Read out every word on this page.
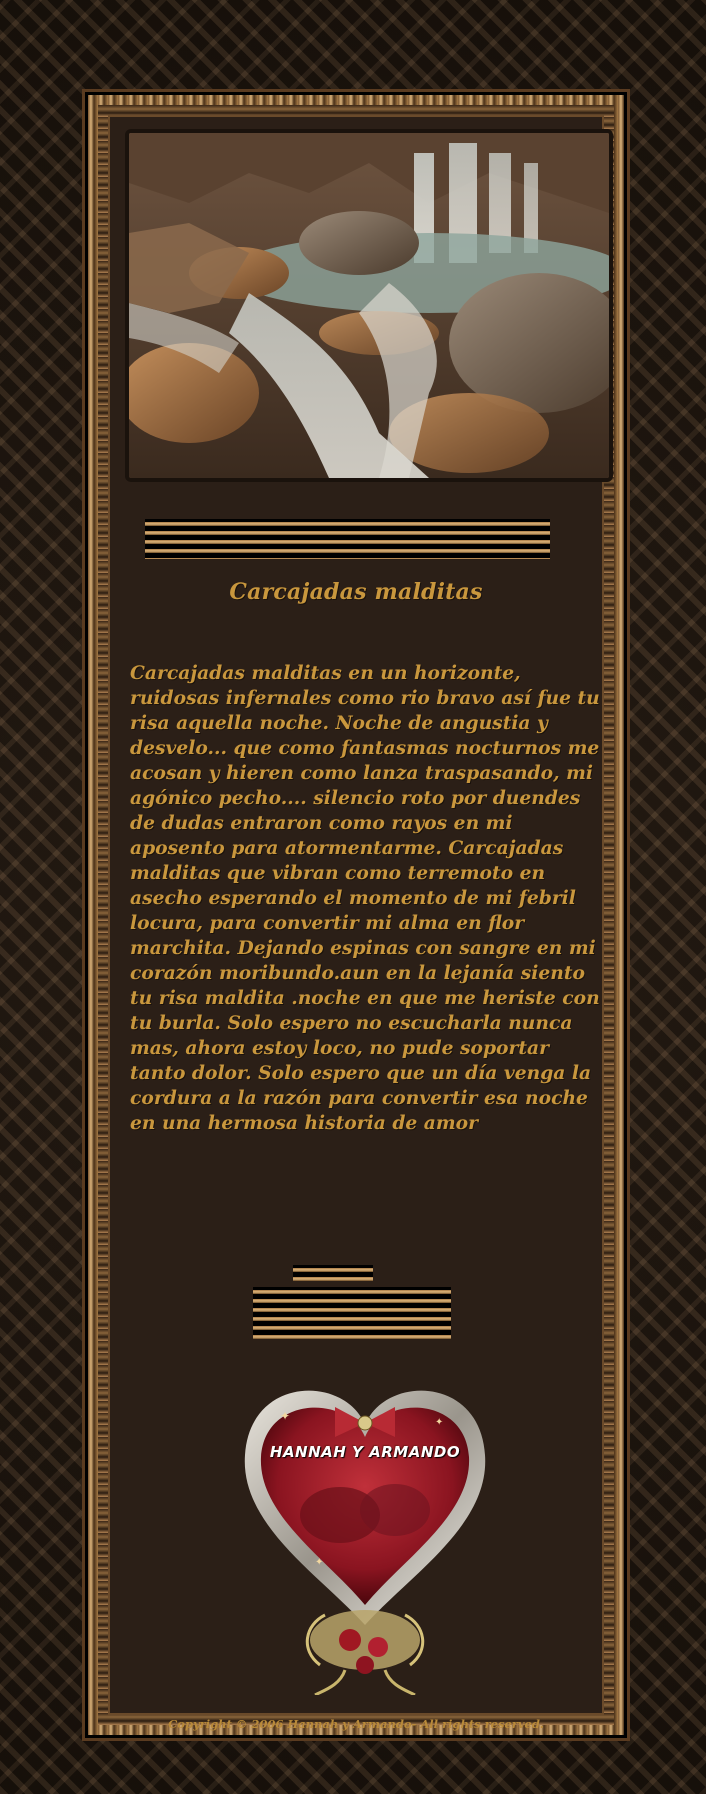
Carcajadas malditas
Carcajadas malditas en un horizonte, ruidosas infernales como rio bravo así fue tu risa aquella noche. Noche de angustia y desvelo... que como fantasmas nocturnos me acosan y hieren como lanza traspasando, mi agónico pecho.... silencio roto por duendes de dudas entraron como rayos en mi aposento para atormentarme. Carcajadas malditas que vibran como terremoto en asecho esperando el momento de mi febril locura, para convertir mi alma en flor marchita. Dejando espinas con sangre en mi corazón moribundo.aun en la lejanía siento tu risa maldita .noche en que me heriste con tu burla. Solo espero no escucharla nunca mas, ahora estoy loco, no pude soportar tanto dolor. Solo espero que un día venga la cordura a la razón para convertir esa noche en una hermosa historia de amor
✦	✦
✦
HANNAH Y ARMANDO
Copyright © 2006 Hannah y Armando- All rights reserved.
